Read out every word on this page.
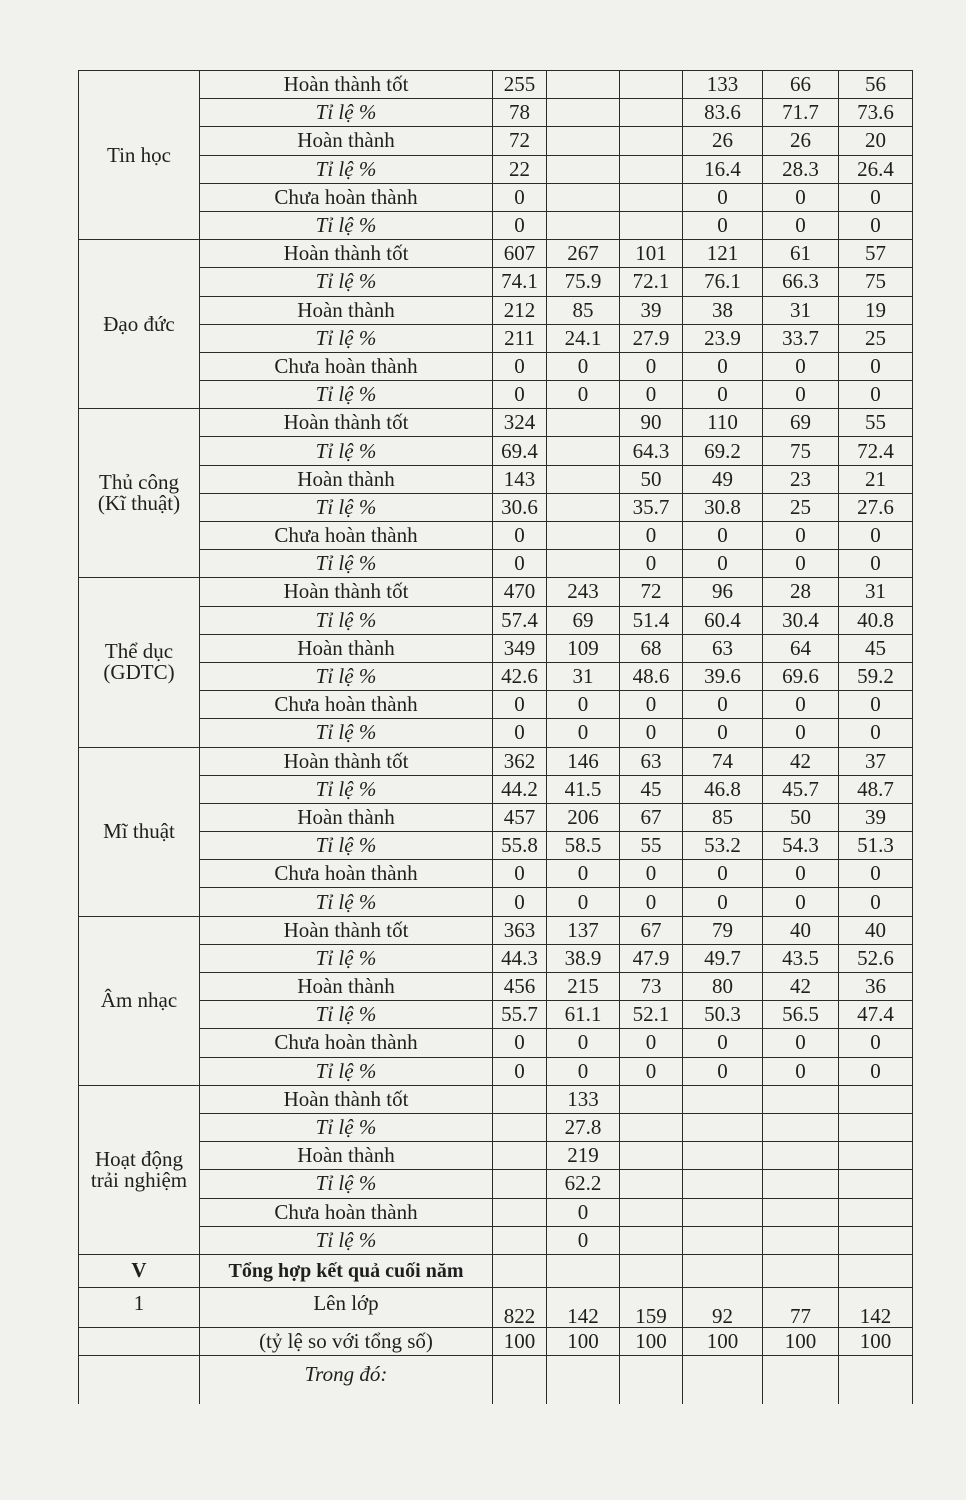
Tin học	Hoàn thành tốt	255			133	66	56
	Tỉ lệ %	78			83.6	71.7	73.6
	Hoàn thành	72			26	26	20
	Tỉ lệ %	22			16.4	28.3	26.4
	Chưa hoàn thành	0			0	0	0
	Tỉ lệ %	0			0	0	0

Đạo đức	Hoàn thành tốt	607	267	101	121	61	57
	Tỉ lệ %	74.1	75.9	72.1	76.1	66.3	75
	Hoàn thành	212	85	39	38	31	19
	Tỉ lệ %	211	24.1	27.9	23.9	33.7	25
	Chưa hoàn thành	0	0	0	0	0	0
	Tỉ lệ %	0	0	0	0	0	0

Thủ công
(Kĩ thuật)	Hoàn thành tốt	324		90	110	69	55
	Tỉ lệ %	69.4		64.3	69.2	75	72.4
	Hoàn thành	143		50	49	23	21
	Tỉ lệ %	30.6		35.7	30.8	25	27.6
	Chưa hoàn thành	0		0	0	0	0
	Tỉ lệ %	0		0	0	0	0

Thể dục
(GDTC)	Hoàn thành tốt	470	243	72	96	28	31
	Tỉ lệ %	57.4	69	51.4	60.4	30.4	40.8
	Hoàn thành	349	109	68	63	64	45
	Tỉ lệ %	42.6	31	48.6	39.6	69.6	59.2
	Chưa hoàn thành	0	0	0	0	0	0
	Tỉ lệ %	0	0	0	0	0	0

Mĩ thuật	Hoàn thành tốt	362	146	63	74	42	37
	Tỉ lệ %	44.2	41.5	45	46.8	45.7	48.7
	Hoàn thành	457	206	67	85	50	39
	Tỉ lệ %	55.8	58.5	55	53.2	54.3	51.3
	Chưa hoàn thành	0	0	0	0	0	0
	Tỉ lệ %	0	0	0	0	0	0

Âm nhạc	Hoàn thành tốt	363	137	67	79	40	40
	Tỉ lệ %	44.3	38.9	47.9	49.7	43.5	52.6
	Hoàn thành	456	215	73	80	42	36
	Tỉ lệ %	55.7	61.1	52.1	50.3	56.5	47.4
	Chưa hoàn thành	0	0	0	0	0	0
	Tỉ lệ %	0	0	0	0	0	0

Hoạt động
trải nghiệm	Hoàn thành tốt		133				
	Tỉ lệ %		27.8				
	Hoàn thành		219				
	Tỉ lệ %		62.2				
	Chưa hoàn thành		0				
	Tỉ lệ %		0				
V	Tổng hợp kết quả cuối năm						
1	Lên lớp	822	142	159	92	77	142
	(tỷ lệ so với tổng số)	100	100	100	100	100	100
	Trong đó:						
